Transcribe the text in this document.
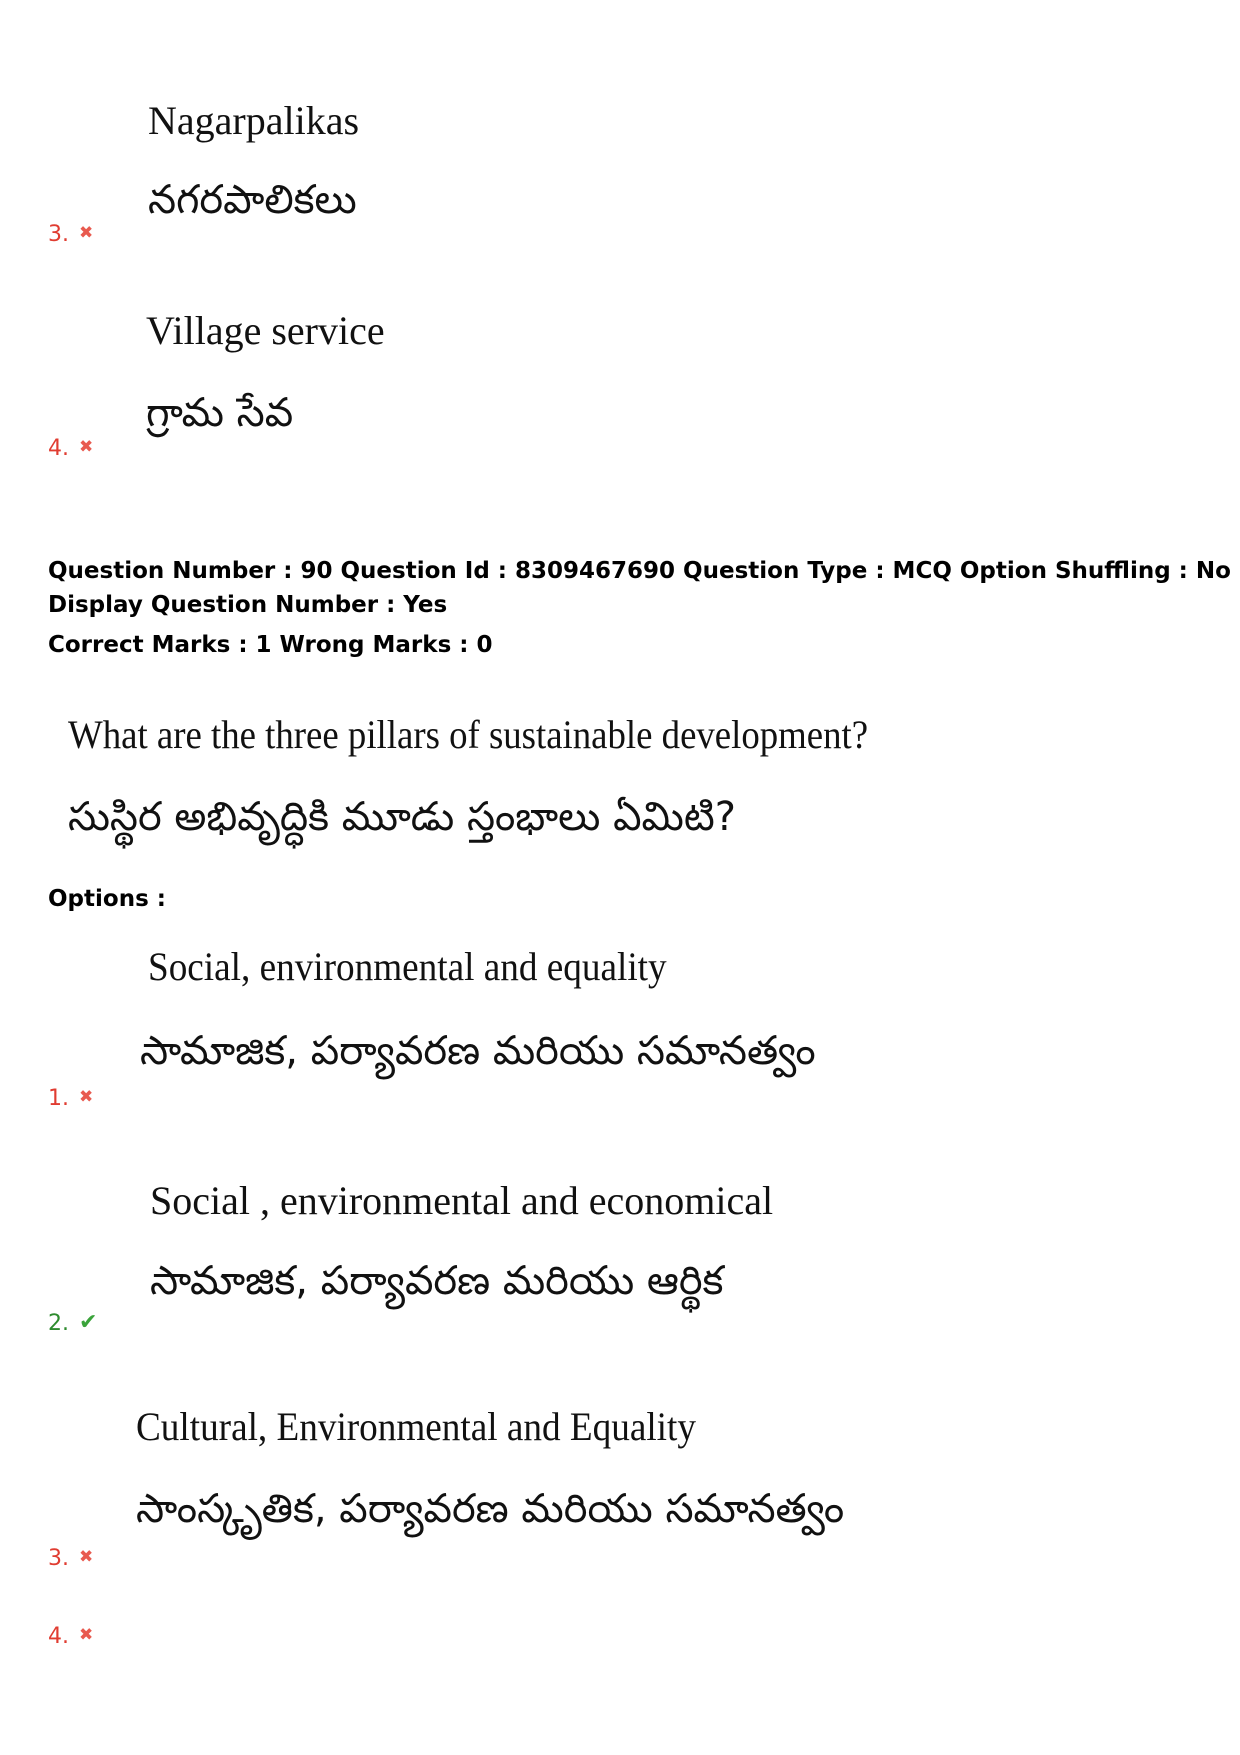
Nagarpalikas
నగరపాలికలు
3. ✖
Village service
గ్రామ సేవ
4. ✖
Question Number : 90 Question Id : 8309467690 Question Type : MCQ Option Shuffling : No
Display Question Number : Yes
Correct Marks : 1 Wrong Marks : 0
What are the three pillars of sustainable development?
సుస్థిర అభివృద్ధికి మూడు స్తంభాలు ఏమిటి?
Options :
Social, environmental and equality
సామాజిక, పర్యావరణ మరియు సమానత్వం
1. ✖
Social , environmental and economical
సామాజిక, పర్యావరణ మరియు ఆర్థిక
2. ✔
Cultural, Environmental and Equality
సాంస్కృతిక, పర్యావరణ మరియు సమానత్వం
3. ✖
4. ✖
